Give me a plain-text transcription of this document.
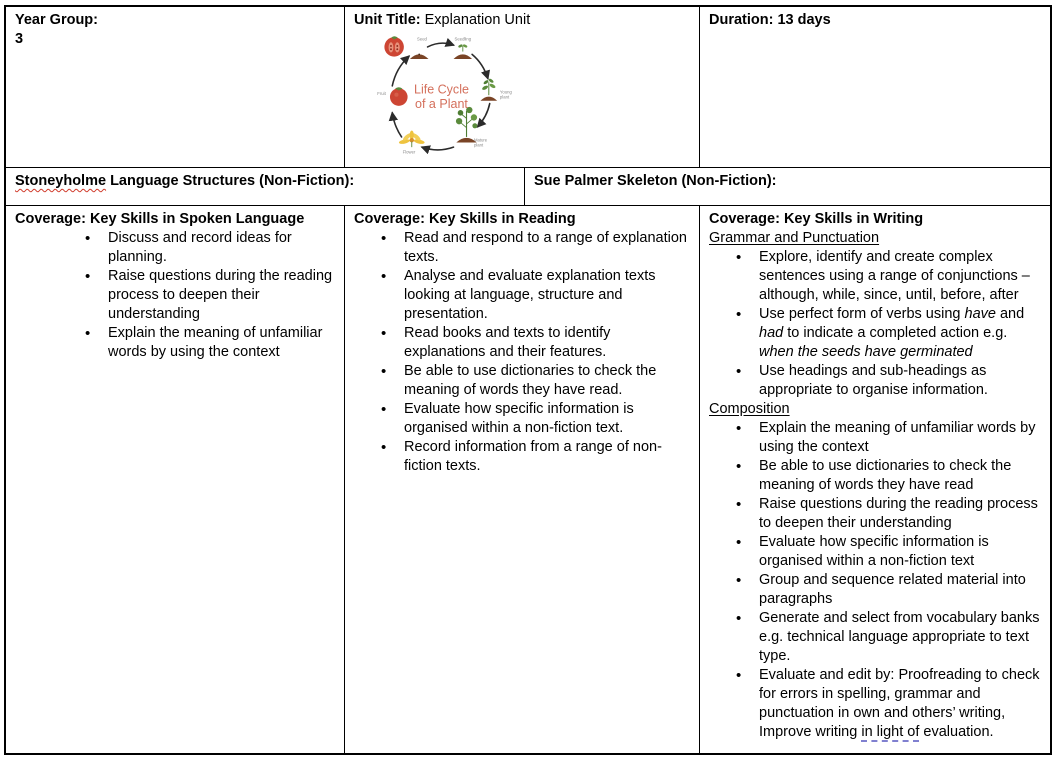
Year Group:
3
Unit Title: Explanation Unit
Seed	Seedling
Young plant
Mature plant
Flower
Fruit Life Cycle
of a Plant
Duration: 13 days
Stoneyholme Language Structures (Non-Fiction):	Sue Palmer Skeleton (Non-Fiction):
Coverage: Key Skills in Spoken Language
• Discuss and record ideas for planning.
• Raise questions during the reading process to deepen their understanding
• Explain the meaning of unfamiliar words by using the context
Coverage: Key Skills in Reading
• Read and respond to a range of explanation texts.
• Analyse and evaluate explanation texts looking at language, structure and presentation.
• Read books and texts to identify explanations and their features.
• Be able to use dictionaries to check the meaning of words they have read.
• Evaluate how specific information is organised within a non-fiction text.
• Record information from a range of non-fiction texts.
Coverage: Key Skills in Writing
Grammar and Punctuation
• Explore, identify and create complex sentences using a range of conjunctions – although, while, since, until, before, after
• Use perfect form of verbs using have and had to indicate a completed action e.g. when the seeds have germinated
• Use headings and sub-headings as appropriate to organise information.
Composition
• Explain the meaning of unfamiliar words by using the context
• Be able to use dictionaries to check the meaning of words they have read
• Raise questions during the reading process to deepen their understanding
• Evaluate how specific information is organised within a non-fiction text
• Group and sequence related material into paragraphs
• Generate and select from vocabulary banks e.g. technical language appropriate to text type.
• Evaluate and edit by: Proofreading to check for errors in spelling, grammar and punctuation in own and others’ writing, Improve writing in light of evaluation.
